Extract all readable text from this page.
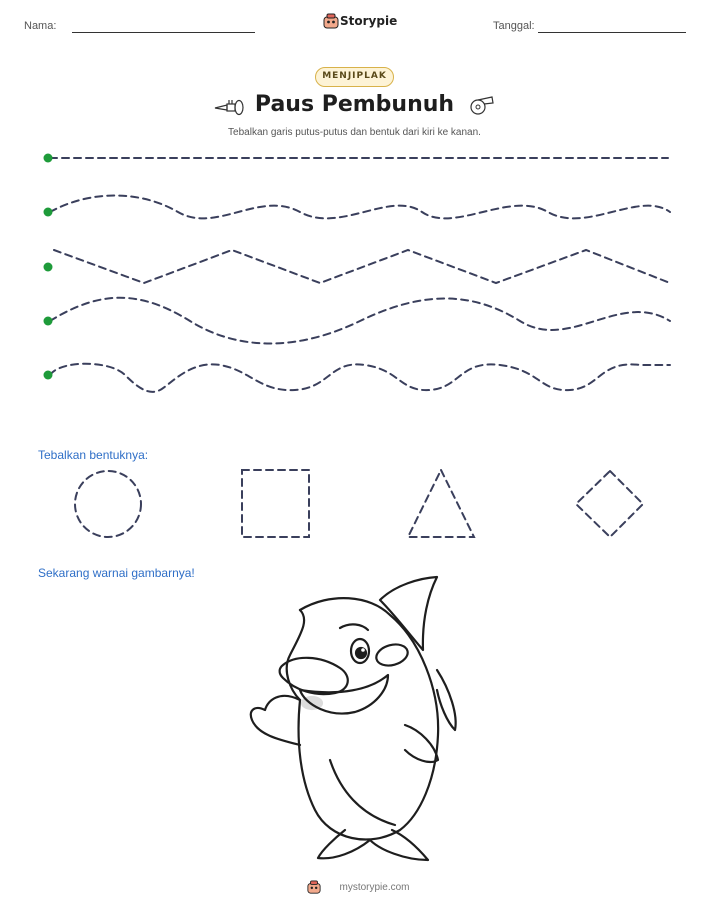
Nama:	Storypie	Tanggal:
MENJIPLAK
Paus Pembunuh
Tebalkan garis putus-putus dan bentuk dari kiri ke kanan.
Tebalkan bentuknya:
Sekarang warnai gambarnya!
mystorypie.com
